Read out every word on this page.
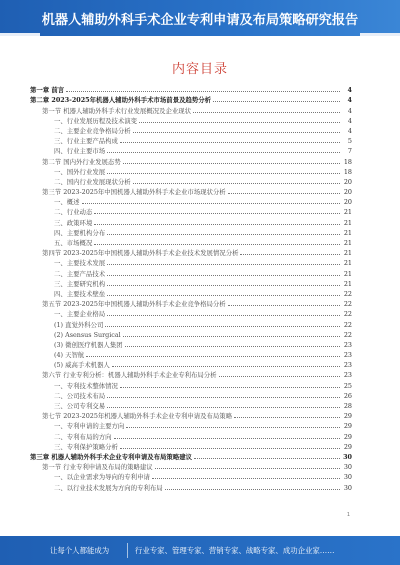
机器人辅助外科手术企业专利申请及布局策略研究报告
内容目录
第一章 前言	4
第二章 2023-2025年机器人辅助外科手术市场前景及趋势分析	4
第一节 机器人辅助外科手术行业发展概况及企业现状	4
一、行业发展历程及技术演变	4
二、主要企业竞争格局分析	4
三、行业主要产品构成	5
四、行业主要市场	7
第二节 国内外行业发展态势	18
一、国外行业发展	18
二、国内行业发展现状分析	20
第三节 2023-2025年中国机器人辅助外科手术企业市场现状分析	20
一、概述	20
二、行业动态	21
三、政策环境	21
四、主要机构分布	21
五、市场概况	21
第四节 2023-2025年中国机器人辅助外科手术企业技术发展情况分析	21
一、主要技术发展	21
二、主要产品技术	21
三、主要研究机构	21
四、主要技术壁垒	22
第五节 2023-2025年中国机器人辅助外科手术企业竞争格局分析	22
一、主要企业格局	22
(1) 直觉外科公司	22
(2) Asensus Surgical	22
(3) 微创医疗机器人集团	23
(4) 天智航	23
(5) 威高手术机器人	23
第六节 行业专利分析：机器人辅助外科手术企业专利布局分析	23
一、专利技术整体情况	25
二、公司技术布局	26
三、公司专利交易	28
第七节 2023-2025年机器人辅助外科手术企业专利申请及布局策略	29
一、专利申请的主要方向	29
二、专利布局的方向	29
三、专利保护策略分析	29
第三章 机器人辅助外科手术企业专利申请及布局策略建议	30
第一节 行业专利申请及布局的策略建议	30
一、以企业需求为导向的专利申请	30
二、以行业技术发展为方向的专利布局	30
1
让每个人都能成为	行业专家、管理专家、营销专家、战略专家、成功企业家……
